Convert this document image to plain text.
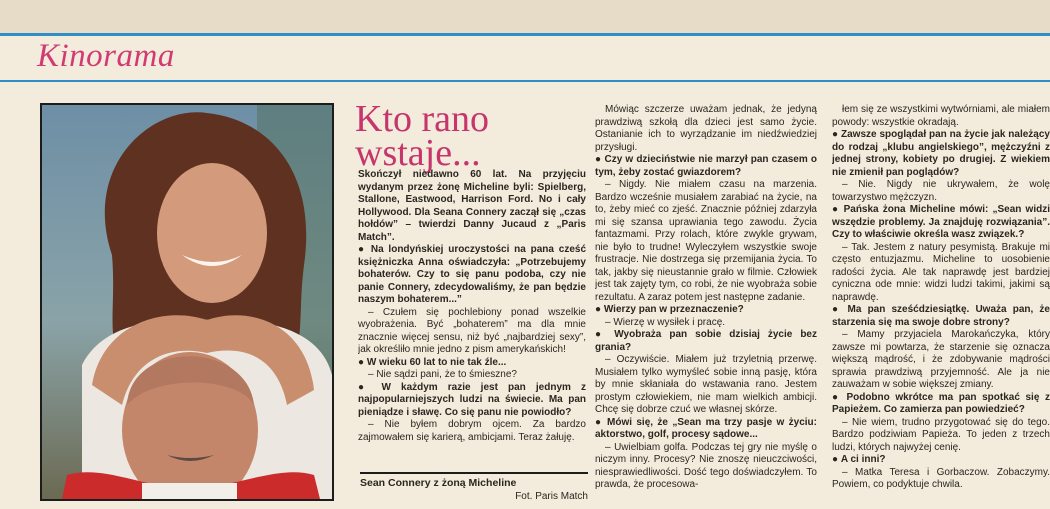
Kinorama
Sean Connery z żoną Micheline
Fot. Paris Match
Kto rano
wstaje...

Skończył niedawno 60 lat. Na przyjęciu wydanym przez żonę Micheline byli: Spielberg, Stallone, Eastwood, Harrison Ford. No i cały Hollywood. Dla Seana Connery zaczął się „czas hołdów” – twierdzi Danny Jucaud z „Paris Match”.

● Na londyńskiej uroczystości na pana cześć księżniczka Anna oświadczyła: „Potrzebujemy bohaterów. Czy to się panu podoba, czy nie panie Connery, zdecydowaliśmy, że pan będzie naszym bohaterem...”

– Czułem się pochlebiony ponad wszelkie wyobrażenia. Być „bohaterem” ma dla mnie znacznie więcej sensu, niż być „najbardziej sexy”, jak określiło mnie jedno z pism amerykańskich!

● W wieku 60 lat to nie tak źle...

– Nie sądzi pani, że to śmieszne?

● W każdym razie jest pan jednym z najpopularniejszych ludzi na świecie. Ma pan pieniądze i sławę. Co się panu nie powiodło?

– Nie byłem dobrym ojcem. Za bardzo zajmowałem się karierą, ambicjami. Teraz żałuję.

Mówiąc szczerze uważam jednak, że jedyną prawdziwą szkołą dla dzieci jest samo życie. Ostanianie ich to wyrządzanie im niedźwiedziej przysługi.

● Czy w dzieciństwie nie marzył pan czasem o tym, żeby zostać gwiazdorem?

– Nigdy. Nie miałem czasu na marzenia. Bardzo wcześnie musiałem zarabiać na życie, na to, żeby mieć co zjeść. Znacznie później zdarzyła mi się szansa uprawiania tego zawodu. Życia fantazmami. Przy rolach, które zwykle grywam, nie było to trudne! Wyleczyłem wszystkie swoje frustracje. Nie dostrzega się przemijania życia. To tak, jakby się nieustannie grało w filmie. Człowiek jest tak zajęty tym, co robi, że nie wyobraża sobie rezultatu. A zaraz potem jest następne zadanie.

● Wierzy pan w przeznaczenie?

– Wierzę w wysiłek i pracę.

● Wyobraża pan sobie dzisiaj życie bez grania?

– Oczywiście. Miałem już trzyletnią przerwę. Musiałem tylko wymyśleć sobie inną pasję, która by mnie skłaniała do wstawania rano. Jestem prostym człowiekiem, nie mam wielkich ambicji. Chcę się dobrze czuć we własnej skórze.

● Mówi się, że „Sean ma trzy pasje w życiu: aktorstwo, golf, procesy sądowe...

– Uwielbiam golfa. Podczas tej gry nie myślę o niczym inny. Procesy? Nie znoszę nieuczciwości, niesprawiedliwości. Dość tego doświadczyłem. To prawda, że procesowa-

łem się ze wszystkimi wytwórniami, ale miałem powody: wszystkie okradają.

● Zawsze spoglądał pan na życie jak należący do rodzaj „klubu angielskiego”, mężczyźni z jednej strony, kobiety po drugiej. Z wiekiem nie zmienił pan poglądów?

– Nie. Nigdy nie ukrywałem, że wolę towarzystwo mężczyzn.

● Pańska żona Micheline mówi: „Sean widzi wszędzie problemy. Ja znajduję rozwiązania”. Czy to właściwie określa wasz związek.?

– Tak. Jestem z natury pesymistą. Brakuje mi często entuzjazmu. Micheline to uosobienie radości życia. Ale tak naprawdę jest bardziej cyniczna ode mnie: widzi ludzi takimi, jakimi są naprawdę.

● Ma pan sześćdziesiątkę. Uważa pan, że starzenia się ma swoje dobre strony?

– Mamy przyjaciela Marokańczyka, który zawsze mi powtarza, że starzenie się oznacza większą mądrość, i że zdobywanie mądrości sprawia prawdziwą przyjemność. Ale ja nie zauważam w sobie większej zmiany.

● Podobno wkrótce ma pan spotkać się z Papieżem. Co zamierza pan powiedzieć?

– Nie wiem, trudno przygotować się do tego. Bardzo podziwiam Papieża. To jeden z trzech ludzi, których najwyżej cenię.

● A ci inni?

– Matka Teresa i Gorbaczow. Zobaczymy. Powiem, co podyktuje chwila.
